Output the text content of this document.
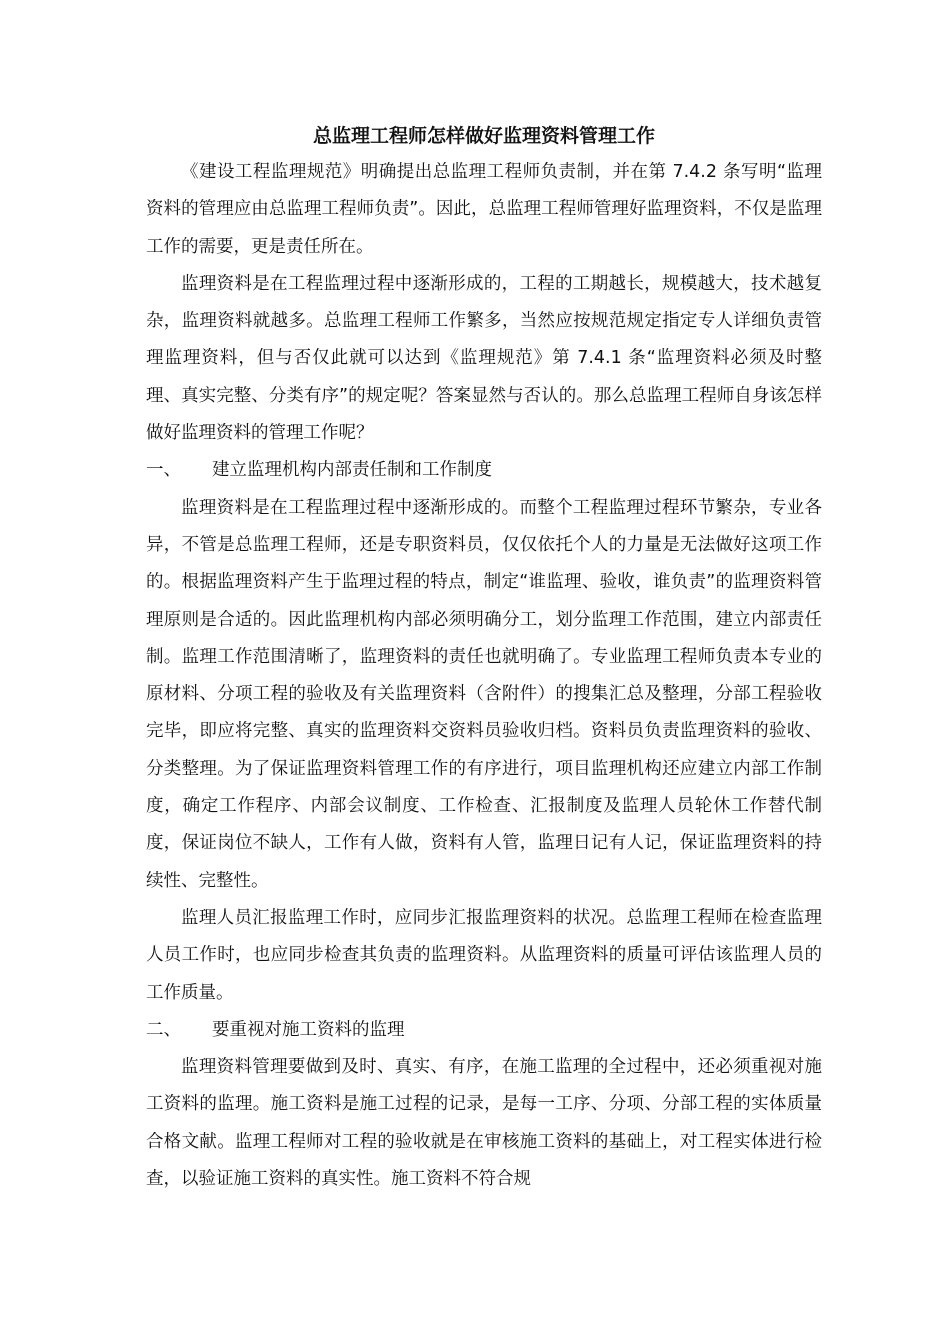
总监理工程师怎样做好监理资料管理工作

《建设工程监理规范》明确提出总监理工程师负责制，并在第 7.4.2 条写明“监理资料的管理应由总监理工程师负责”。因此，总监理工程师管理好监理资料，不仅是监理工作的需要，更是责任所在。

监理资料是在工程监理过程中逐渐形成的，工程的工期越长，规模越大，技术越复杂，监理资料就越多。总监理工程师工作繁多，当然应按规范规定指定专人详细负责管理监理资料，但与否仅此就可以达到《监理规范》第 7.4.1 条“监理资料必须及时整理、真实完整、分类有序”的规定呢？答案显然与否认的。那么总监理工程师自身该怎样做好监理资料的管理工作呢？

一、 建立监理机构内部责任制和工作制度

监理资料是在工程监理过程中逐渐形成的。而整个工程监理过程环节繁杂，专业各异，不管是总监理工程师，还是专职资料员，仅仅依托个人的力量是无法做好这项工作的。根据监理资料产生于监理过程的特点，制定“谁监理、验收，谁负责”的监理资料管理原则是合适的。因此监理机构内部必须明确分工，划分监理工作范围，建立内部责任制。监理工作范围清晰了，监理资料的责任也就明确了。专业监理工程师负责本专业的原材料、分项工程的验收及有关监理资料（含附件）的搜集汇总及整理，分部工程验收完毕，即应将完整、真实的监理资料交资料员验收归档。资料员负责监理资料的验收、分类整理。为了保证监理资料管理工作的有序进行，项目监理机构还应建立内部工作制度，确定工作程序、内部会议制度、工作检查、汇报制度及监理人员轮休工作替代制度，保证岗位不缺人，工作有人做，资料有人管，监理日记有人记，保证监理资料的持续性、完整性。

监理人员汇报监理工作时，应同步汇报监理资料的状况。总监理工程师在检查监理人员工作时，也应同步检查其负责的监理资料。从监理资料的质量可评估该监理人员的工作质量。

二、 要重视对施工资料的监理

监理资料管理要做到及时、真实、有序，在施工监理的全过程中，还必须重视对施工资料的监理。施工资料是施工过程的记录，是每一工序、分项、分部工程的实体质量合格文献。监理工程师对工程的验收就是在审核施工资料的基础上，对工程实体进行检查，以验证施工资料的真实性。施工资料不符合规
